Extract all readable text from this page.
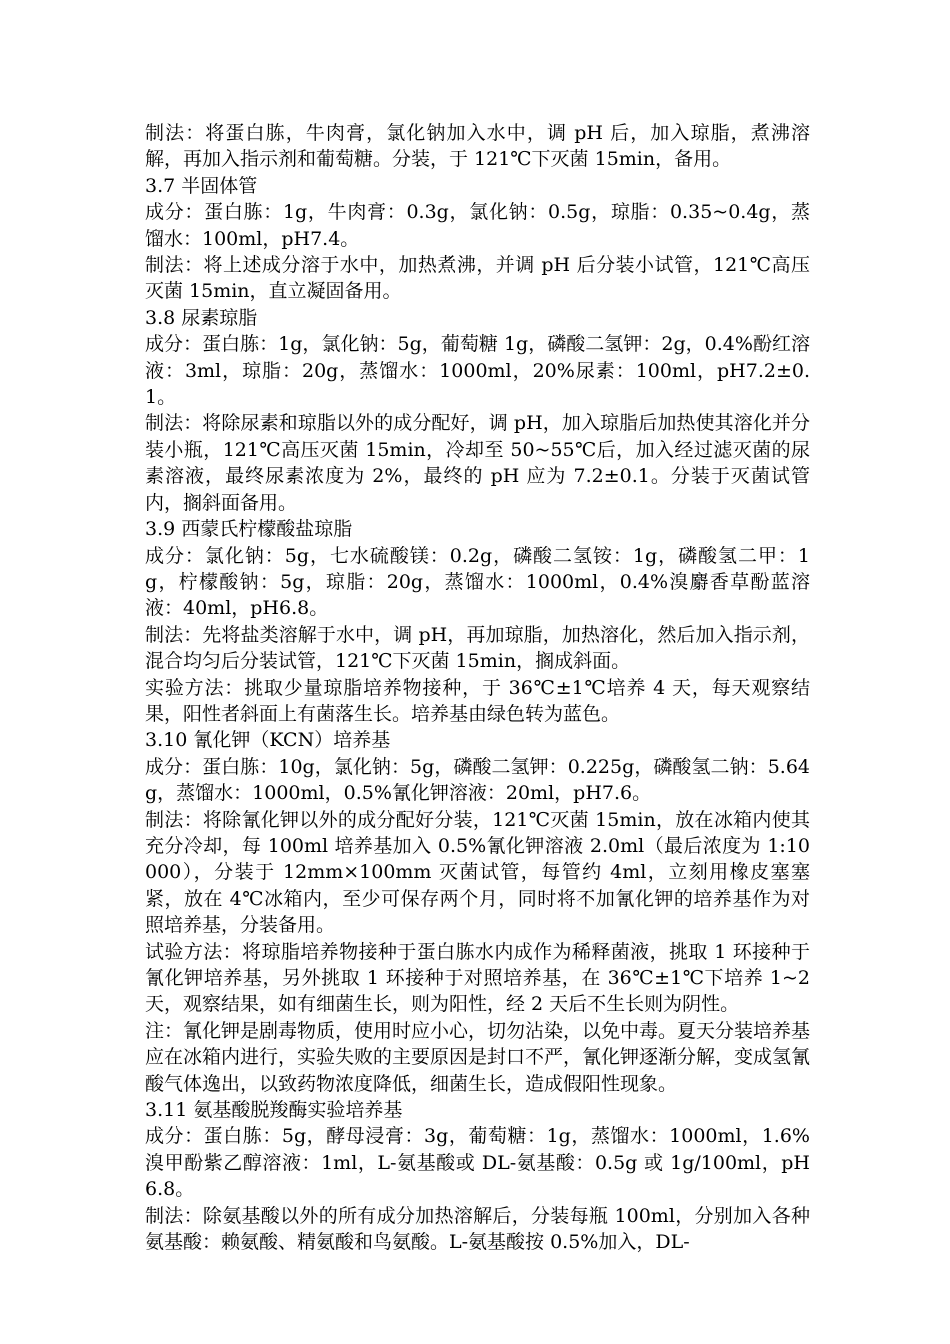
制法：将蛋白胨，牛肉膏，氯化钠加入水中，调 pH 后，加入琼脂，煮沸溶解，再加入指示剂和葡萄糖。分装，于 121℃下灭菌 15min，备用。

3.7 半固体管

成分：蛋白胨：1g，牛肉膏：0.3g，氯化钠：0.5g，琼脂：0.35~0.4g，蒸馏水：100ml，pH7.4。

制法：将上述成分溶于水中，加热煮沸，并调 pH 后分装小试管，121℃高压灭菌 15min，直立凝固备用。

3.8 尿素琼脂

成分：蛋白胨：1g，氯化钠：5g，葡萄糖 1g，磷酸二氢钾：2g，0.4%酚红溶液：3ml，琼脂：20g，蒸馏水：1000ml，20%尿素：100ml，pH7.2±0.1。

制法：将除尿素和琼脂以外的成分配好，调 pH，加入琼脂后加热使其溶化并分装小瓶，121℃高压灭菌 15min，冷却至 50~55℃后，加入经过滤灭菌的尿素溶液，最终尿素浓度为 2%，最终的 pH 应为 7.2±0.1。分装于灭菌试管内，搁斜面备用。

3.9 西蒙氏柠檬酸盐琼脂

成分：氯化钠：5g，七水硫酸镁：0.2g，磷酸二氢铵：1g，磷酸氢二甲：1g，柠檬酸钠：5g，琼脂：20g，蒸馏水：1000ml，0.4%溴麝香草酚蓝溶液：40ml，pH6.8。

制法：先将盐类溶解于水中，调 pH，再加琼脂，加热溶化，然后加入指示剂，混合均匀后分装试管，121℃下灭菌 15min，搁成斜面。

实验方法：挑取少量琼脂培养物接种，于 36℃±1℃培养 4 天，每天观察结果，阳性者斜面上有菌落生长。培养基由绿色转为蓝色。

3.10 氰化钾（KCN）培养基

成分：蛋白胨：10g，氯化钠：5g，磷酸二氢钾：0.225g，磷酸氢二钠：5.64g，蒸馏水：1000ml，0.5%氰化钾溶液：20ml，pH7.6。

制法：将除氰化钾以外的成分配好分装，121℃灭菌 15min，放在冰箱内使其充分冷却，每 100ml 培养基加入 0.5%氰化钾溶液 2.0ml（最后浓度为 1:10000），分装于 12mm×100mm 灭菌试管，每管约 4ml，立刻用橡皮塞塞紧，放在 4℃冰箱内，至少可保存两个月，同时将不加氰化钾的培养基作为对照培养基，分装备用。

试验方法：将琼脂培养物接种于蛋白胨水内成作为稀释菌液，挑取 1 环接种于氰化钾培养基，另外挑取 1 环接种于对照培养基，在 36℃±1℃下培养 1~2 天，观察结果，如有细菌生长，则为阳性，经 2 天后不生长则为阴性。

注：氰化钾是剧毒物质，使用时应小心，切勿沾染，以免中毒。夏天分装培养基应在冰箱内进行，实验失败的主要原因是封口不严，氰化钾逐渐分解，变成氢氰酸气体逸出，以致药物浓度降低，细菌生长，造成假阳性现象。

3.11 氨基酸脱羧酶实验培养基

成分：蛋白胨：5g，酵母浸膏：3g，葡萄糖：1g，蒸馏水：1000ml，1.6%溴甲酚紫乙醇溶液：1ml，L-氨基酸或 DL-氨基酸：0.5g 或 1g/100ml，pH6.8。

制法：除氨基酸以外的所有成分加热溶解后，分装每瓶 100ml，分别加入各种氨基酸：赖氨酸、精氨酸和鸟氨酸。L-氨基酸按 0.5%加入，DL-
